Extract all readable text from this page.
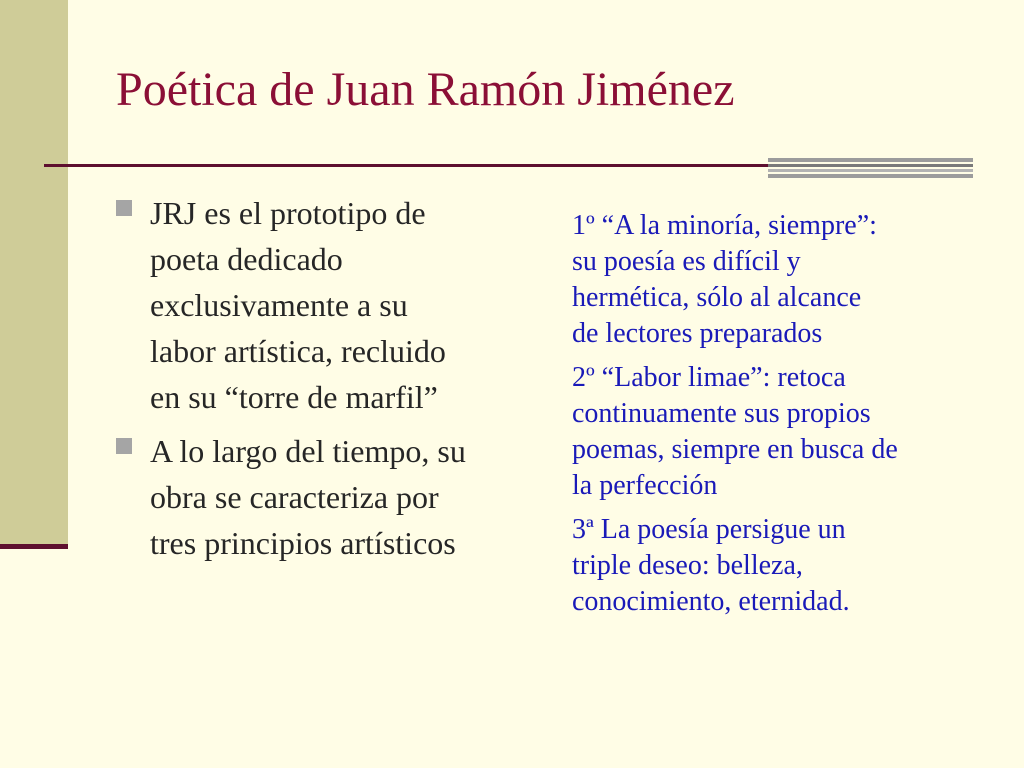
Poética de Juan Ramón Jiménez
JRJ es el prototipo de
poeta dedicado
exclusivamente a su
labor artística, recluido
en su “torre de marfil”
A lo largo del tiempo, su
obra se caracteriza por
tres principios artísticos
1º “A la minoría, siempre”:
su poesía es difícil y
hermética, sólo al alcance
de lectores preparados
2º “Labor limae”: retoca
continuamente sus propios
poemas, siempre en busca de
la perfección
3ª La poesía persigue un
triple deseo: belleza,
conocimiento, eternidad.
